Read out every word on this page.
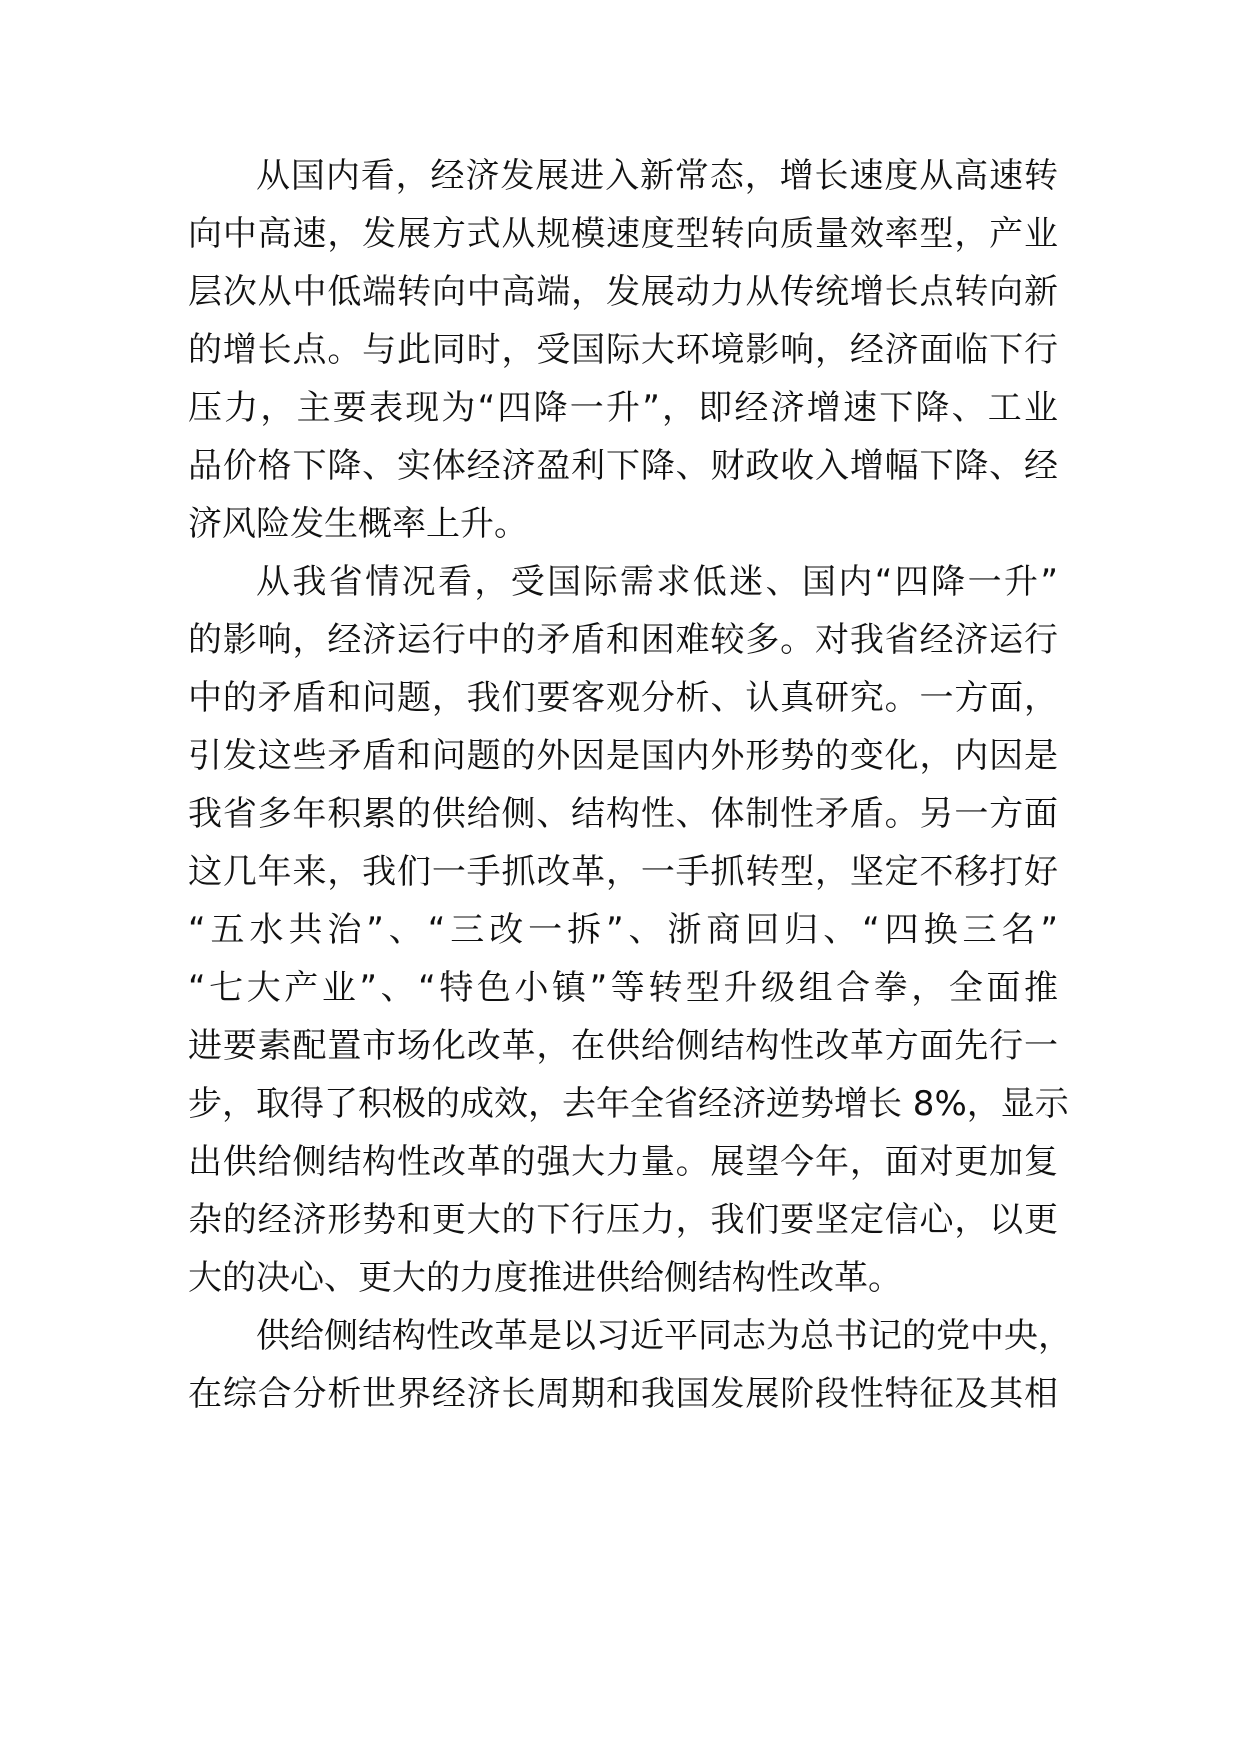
从国内看，经济发展进入新常态，增长速度从高速转
向中高速，发展方式从规模速度型转向质量效率型，产业
层次从中低端转向中高端，发展动力从传统增长点转向新
的增长点。与此同时，受国际大环境影响，经济面临下行
压力，主要表现为“四降一升”，即经济增速下降、工业
品价格下降、实体经济盈利下降、财政收入增幅下降、经
济风险发生概率上升。
从我省情况看，受国际需求低迷、国内“四降一升”
的影响，经济运行中的矛盾和困难较多。对我省经济运行
中的矛盾和问题，我们要客观分析、认真研究。一方面，
引发这些矛盾和问题的外因是国内外形势的变化，内因是
我省多年积累的供给侧、结构性、体制性矛盾。另一方面
这几年来，我们一手抓改革，一手抓转型，坚定不移打好
“五水共治”、“三改一拆”、浙商回归、“四换三名”
“七大产业”、“特色小镇”等转型升级组合拳，全面推
进要素配置市场化改革，在供给侧结构性改革方面先行一
步，取得了积极的成效，去年全省经济逆势增长 8%，显示
出供给侧结构性改革的强大力量。展望今年，面对更加复
杂的经济形势和更大的下行压力，我们要坚定信心，以更
大的决心、更大的力度推进供给侧结构性改革。
供给侧结构性改革是以习近平同志为总书记的党中央，
在综合分析世界经济长周期和我国发展阶段性特征及其相
